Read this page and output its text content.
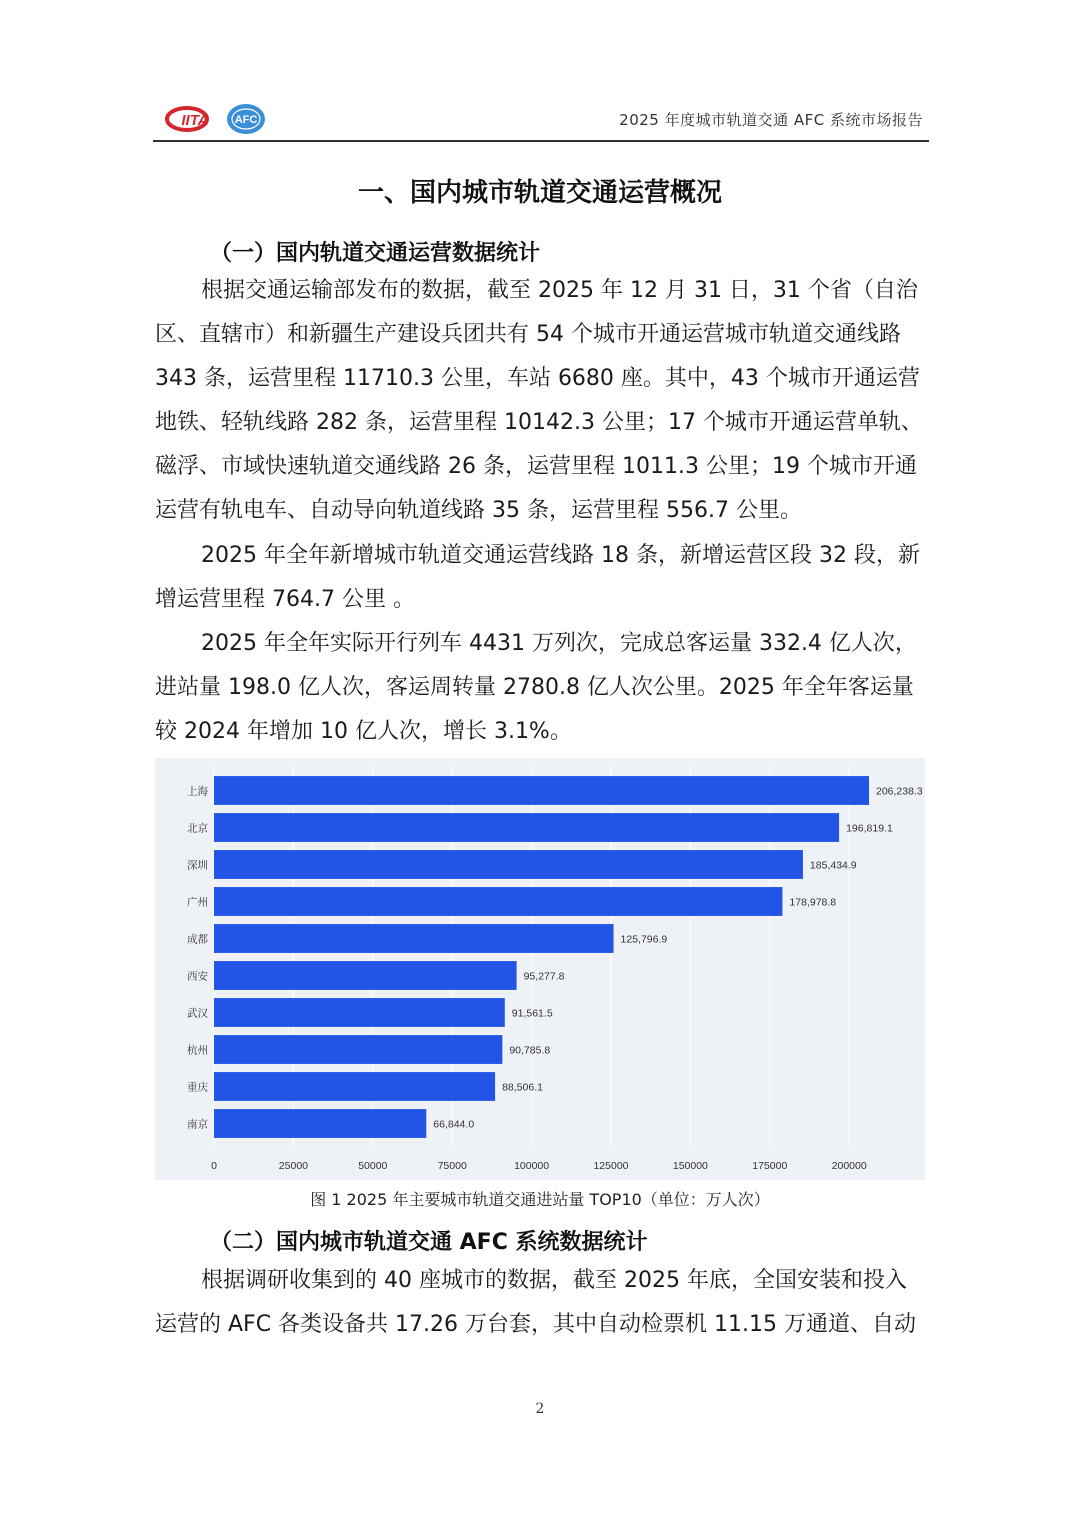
IITA AFC	2025 年度城市轨道交通 AFC 系统市场报告
一、国内城市轨道交通运营概况
（一）国内轨道交通运营数据统计

根据交通运输部发布的数据，截至 2025 年 12 月 31 日，31 个省（自治区、直辖市）和新疆生产建设兵团共有 54 个城市开通运营城市轨道交通线路 343 条，运营里程 11710.3 公里，车站 6680 座。其中，43 个城市开通运营地铁、轻轨线路 282 条，运营里程 10142.3 公里；17 个城市开通运营单轨、磁浮、市域快速轨道交通线路 26 条，运营里程 1011.3 公里；19 个城市开通运营有轨电车、自动导向轨道线路 35 条，运营里程 556.7 公里。

2025 年全年新增城市轨道交通运营线路 18 条，新增运营区段 32 段，新增运营里程 764.7 公里 。

2025 年全年实际开行列车 4431 万列次，完成总客运量 332.4 亿人次，进站量 198.0 亿人次，客运周转量 2780.8 亿人次公里。2025 年全年客运量较 2024 年增加 10 亿人次，增长 3.1%。

0	25000	50000	75000	100000	125000	150000	175000	200000
上海	206,238.3
北京	196,819.1
深圳	185,434.9
广州	178,978.8
成都	125,796.9
西安	95,277.8
武汉	91,561.5
杭州	90,785.8
重庆	88,506.1
南京	66,844.0
图 1 2025 年主要城市轨道交通进站量 TOP10（单位：万人次）
（二）国内城市轨道交通 AFC 系统数据统计

根据调研收集到的 40 座城市的数据，截至 2025 年底，全国安装和投入运营的 AFC 各类设备共 17.26 万台套，其中自动检票机 11.15 万通道、自动

2
